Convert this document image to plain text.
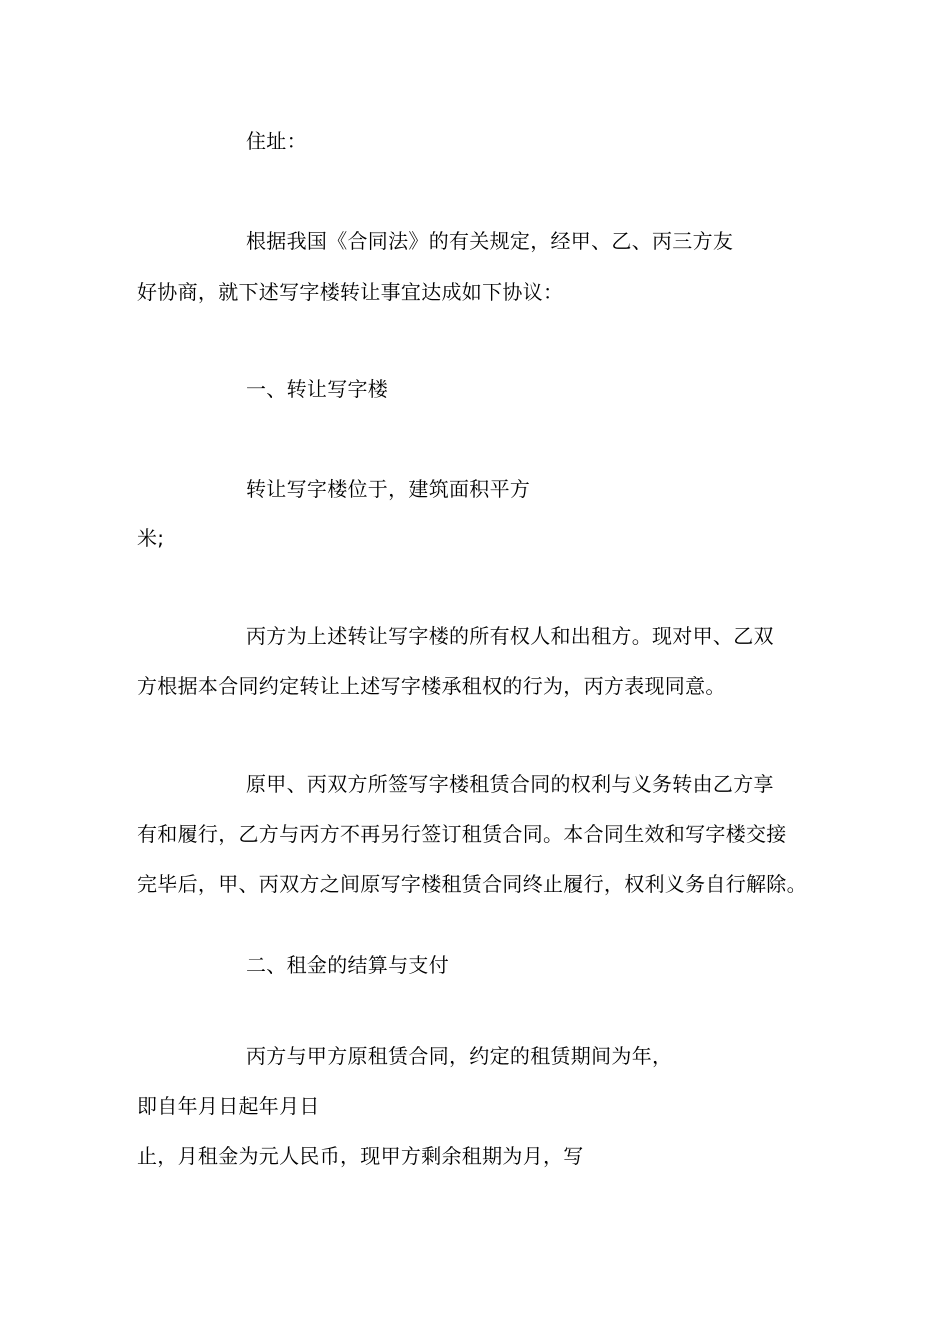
住址：
根据我国《合同法》的有关规定，经甲、乙、丙三方友
好协商，就下述写字楼转让事宜达成如下协议：
一、转让写字楼
转让写字楼位于，建筑面积平方
米;
丙方为上述转让写字楼的所有权人和出租方。现对甲、乙双
方根据本合同约定转让上述写字楼承租权的行为，丙方表现同意。
原甲、丙双方所签写字楼租赁合同的权利与义务转由乙方享
有和履行，乙方与丙方不再另行签订租赁合同。本合同生效和写字楼交接
完毕后，甲、丙双方之间原写字楼租赁合同终止履行，权利义务自行解除。
二、租金的结算与支付
丙方与甲方原租赁合同，约定的租赁期间为年，
即自年月日起年月日
止，月租金为元人民币，现甲方剩余租期为月，写
